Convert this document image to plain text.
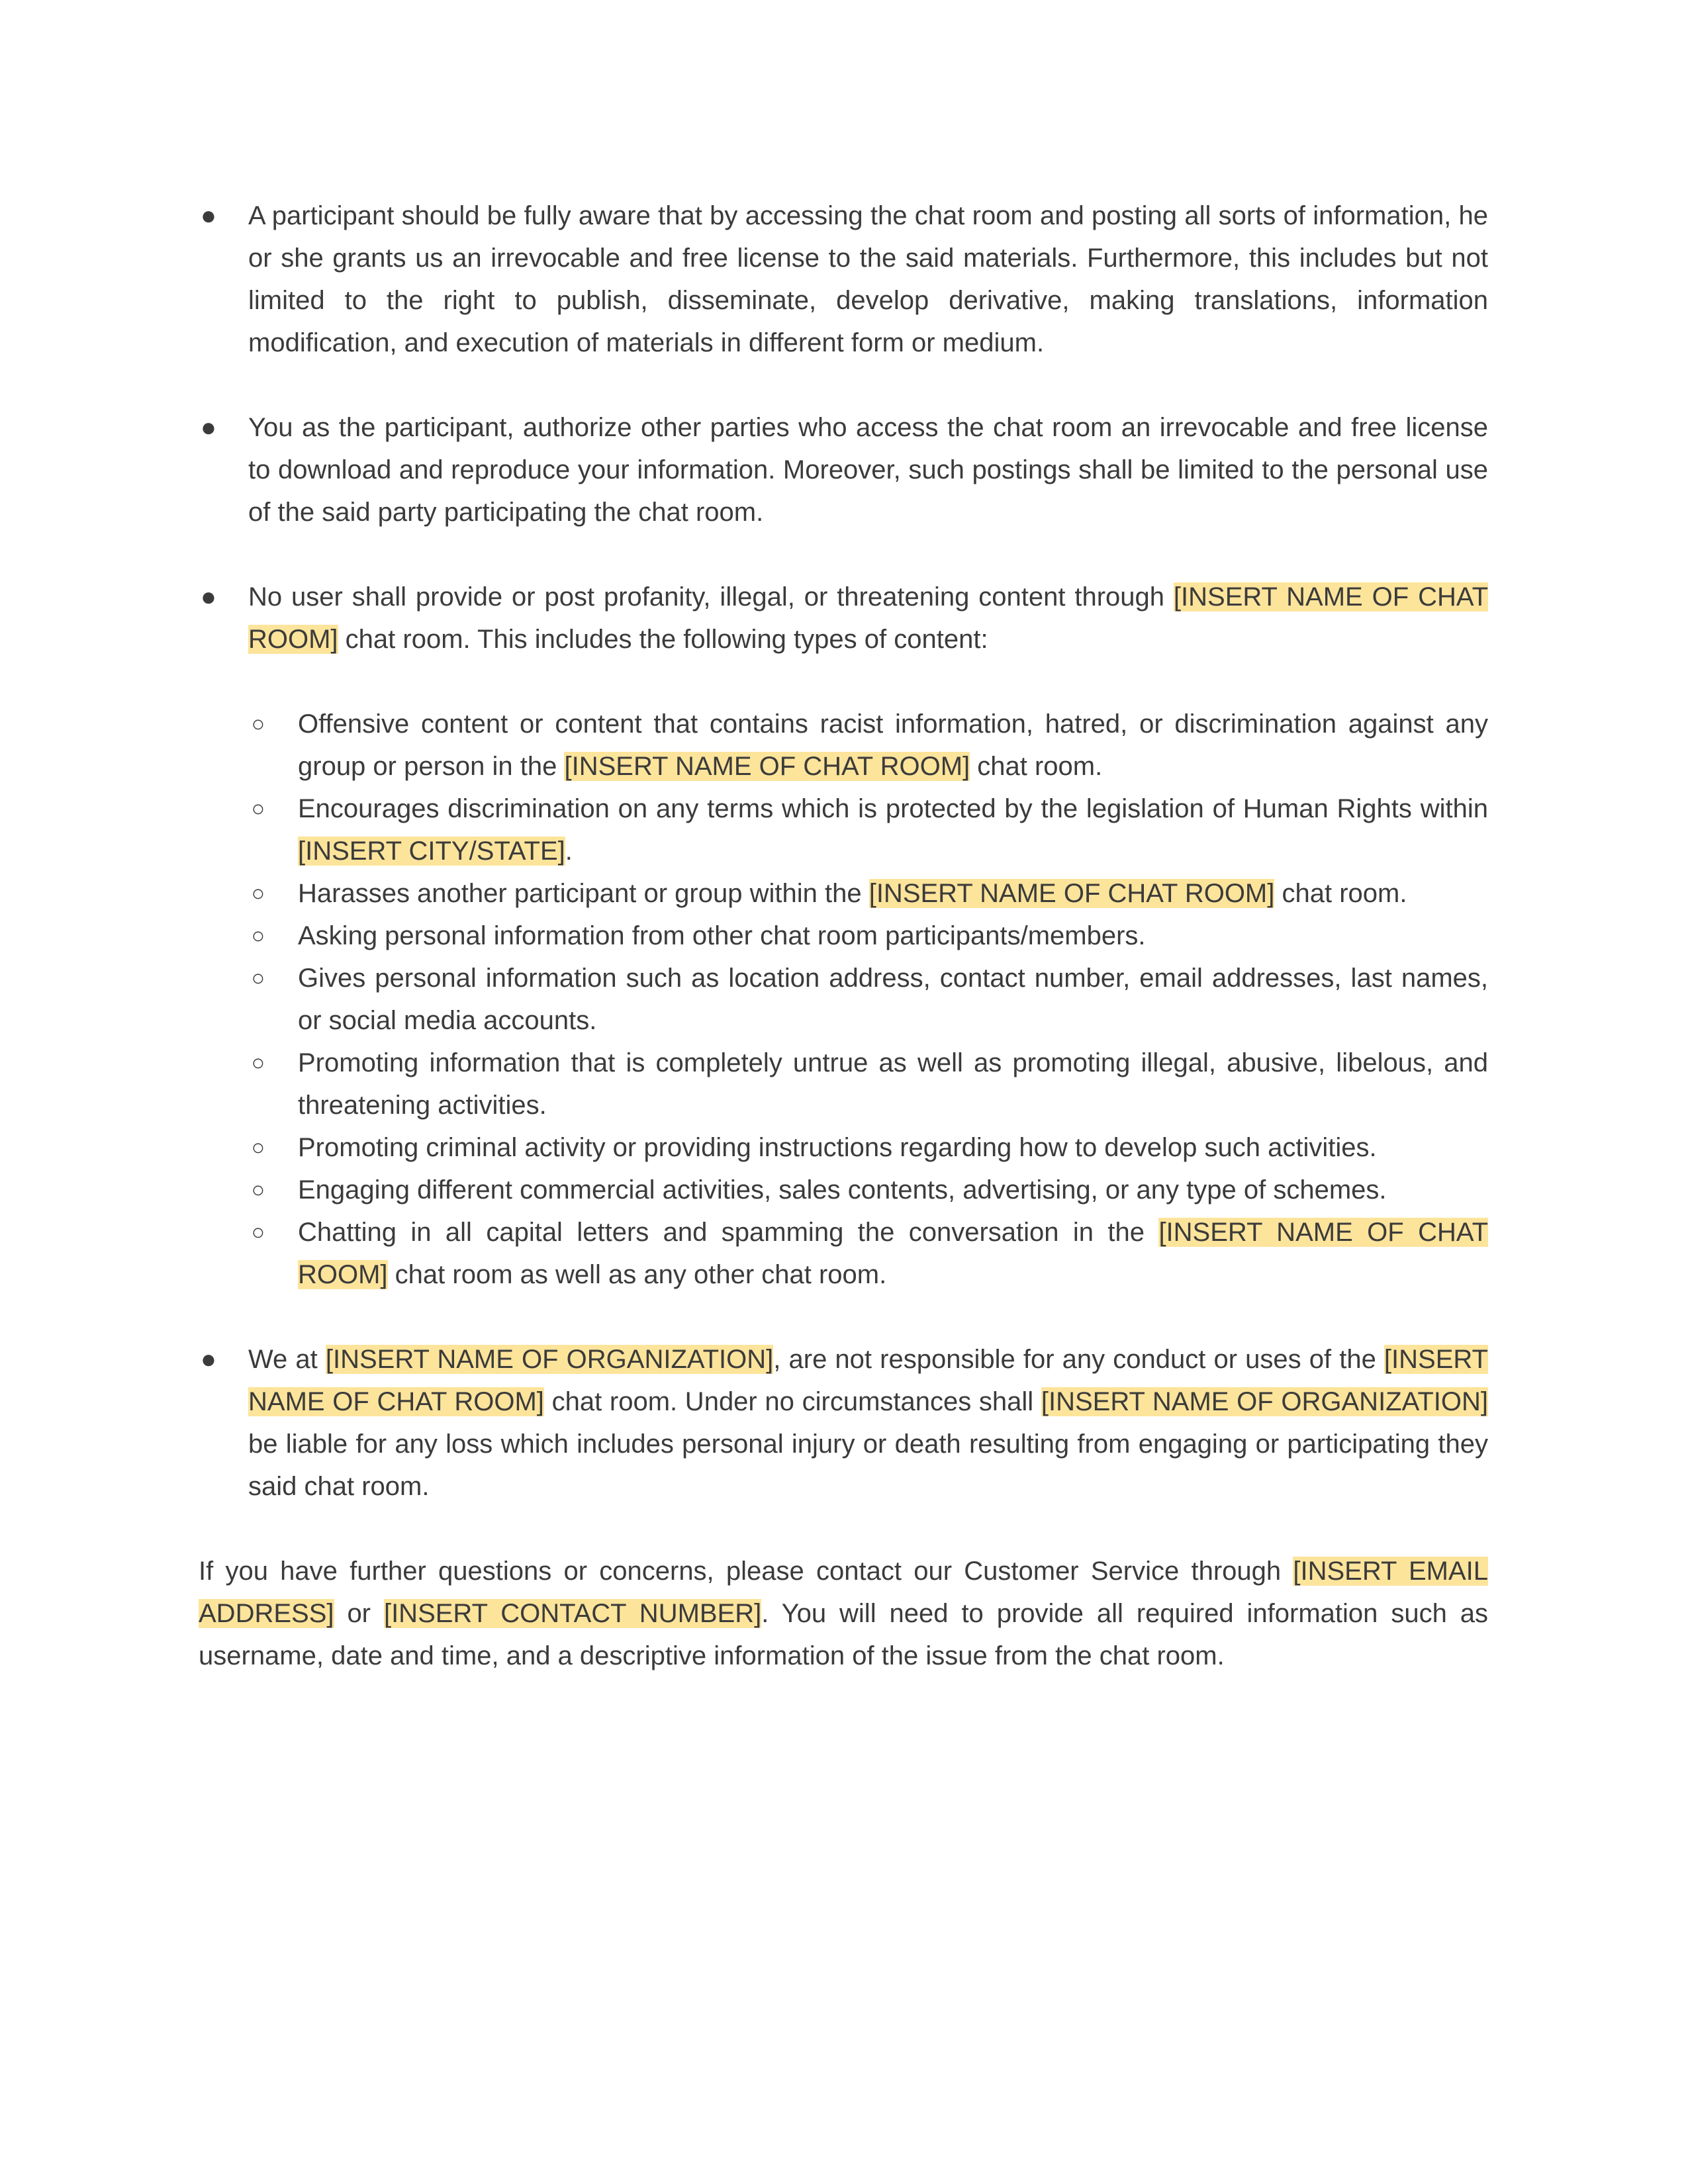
● A participant should be fully aware that by accessing the chat room and posting all sorts of information, he or she grants us an irrevocable and free license to the said materials. Furthermore, this includes but not limited to the right to publish, disseminate, develop derivative, making translations, information modification, and execution of materials in different form or medium.
● You as the participant, authorize other parties who access the chat room an irrevocable and free license to download and reproduce your information. Moreover, such postings shall be limited to the personal use of the said party participating the chat room.
● No user shall provide or post profanity, illegal, or threatening content through [INSERT NAME OF CHAT ROOM] chat room. This includes the following types of content:
○ Offensive content or content that contains racist information, hatred, or discrimination against any group or person in the [INSERT NAME OF CHAT ROOM] chat room.
○ Encourages discrimination on any terms which is protected by the legislation of Human Rights within [INSERT CITY/STATE].
○ Harasses another participant or group within the [INSERT NAME OF CHAT ROOM] chat room.
○ Asking personal information from other chat room participants/members.
○ Gives personal information such as location address, contact number, email addresses, last names, or social media accounts.
○ Promoting information that is completely untrue as well as promoting illegal, abusive, libelous, and threatening activities.
○ Promoting criminal activity or providing instructions regarding how to develop such activities.
○ Engaging different commercial activities, sales contents, advertising, or any type of schemes.
○ Chatting in all capital letters and spamming the conversation in the [INSERT NAME OF CHAT ROOM] chat room as well as any other chat room.
● We at [INSERT NAME OF ORGANIZATION], are not responsible for any conduct or uses of the [INSERT NAME OF CHAT ROOM] chat room. Under no circumstances shall [INSERT NAME OF ORGANIZATION] be liable for any loss which includes personal injury or death resulting from engaging or participating they said chat room.
If you have further questions or concerns, please contact our Customer Service through [INSERT EMAIL ADDRESS] or [INSERT CONTACT NUMBER]. You will need to provide all required information such as username, date and time, and a descriptive information of the issue from the chat room.
